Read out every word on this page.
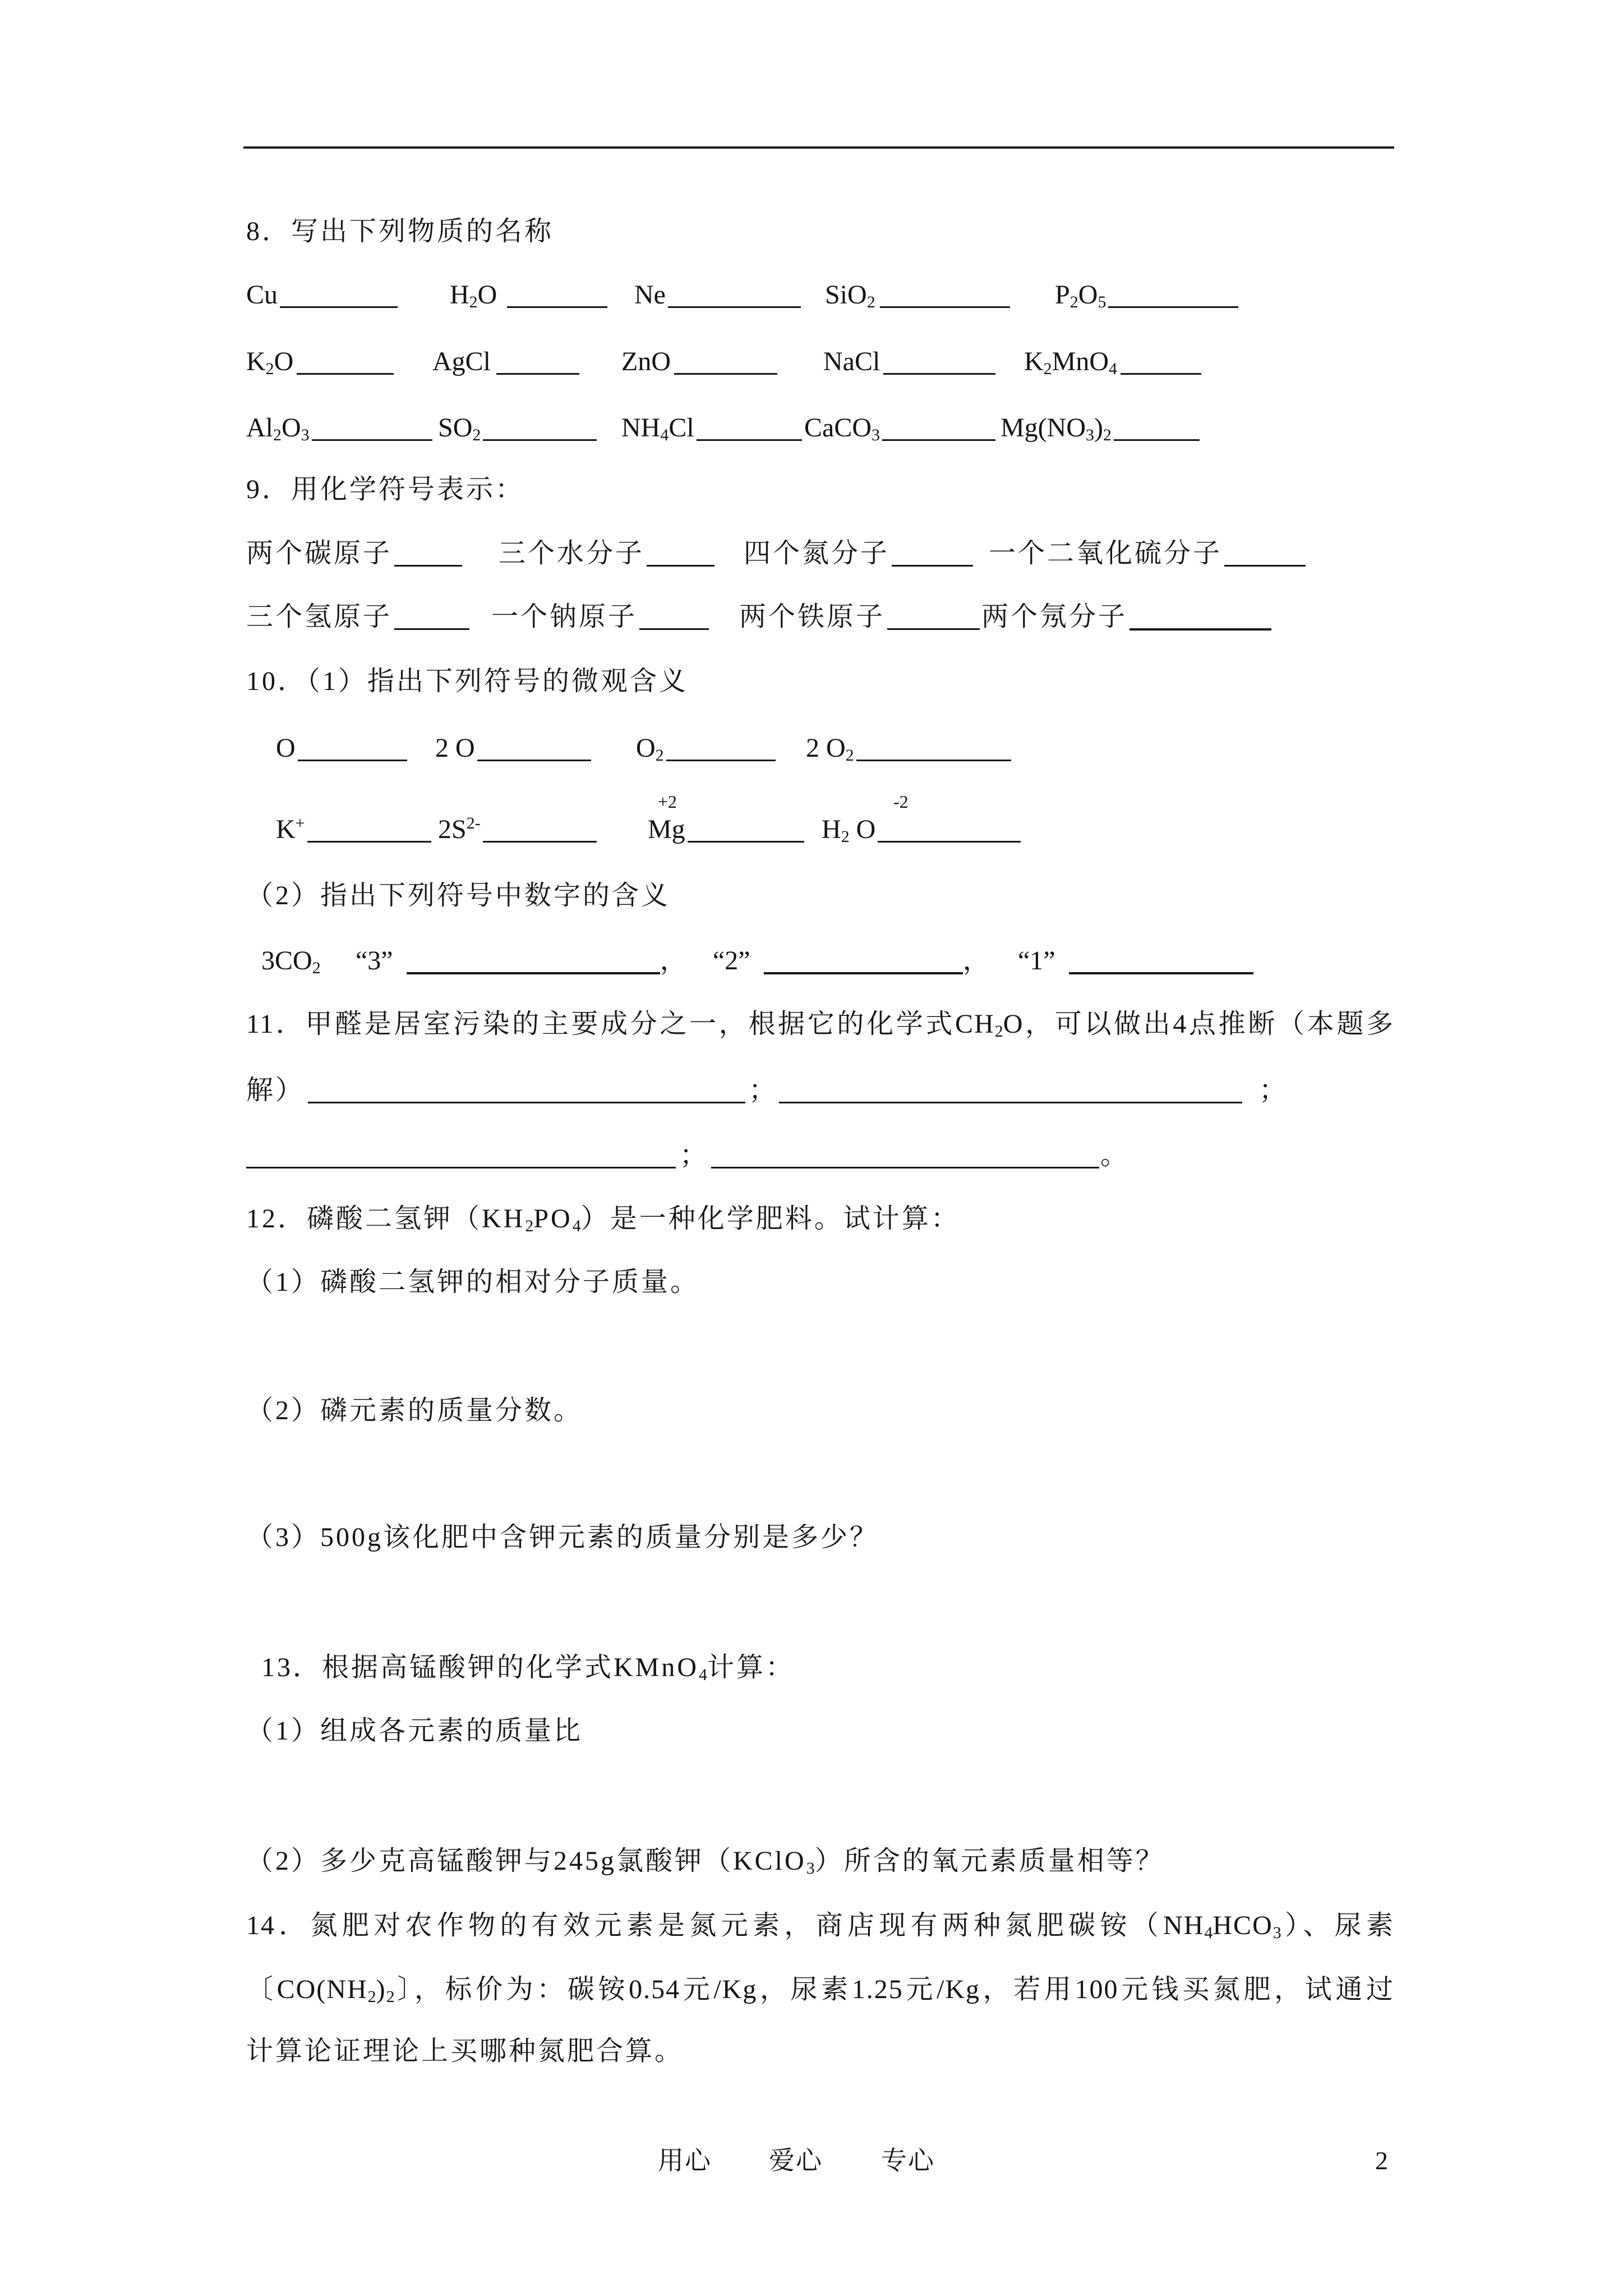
8．写出下列物质的名称
Cu	$H_2O$	Ne	SiO$_2$	$P_2O_5$
$K_2O$	AgCl	ZnO	NaCl	$K_2MnO_4$
$Al_2O_3$	$SO_2$	$NH_4Cl$	CaCO$_3$	$Mg(NO_3)_2$
9．用化学符号表示：
两个碳原子	三个水分子	四个氮分子	一个二氧化硫分子
三个氢原子	一个钠原子	两个铁原子	两个氖分子
10．（1）指出下列符号的微观含义
O	2 O	$O_2$	2 $O_2$
K+	$2S^{2-}$	Mg
+2
$H_2$ O
-2
（2）指出下列符号中数字的含义
$3CO_2$ “3”	， “2”	， “1”
11．甲醛是居室污染的主要成分之一，根据它的化学式$CH_2O$，可以做出4点推断（本题多
解）	；	；
；	。
12．磷酸二氢钾$(KH_2PO_4)$是一种化学肥料。试计算：
（1）磷酸二氢钾的相对分子质量。
（2）磷元素的质量分数。
（3）500g该化肥中含钾元素的质量分别是多少？
13．根据高锰酸钾的化学式KMnO$_4$计算：
（1）组成各元素的质量比
（2）多少克高锰酸钾与245g氯酸钾（KClO$_3$）所含的氧元素质量相等？
14．氮肥对农作物的有效元素是氮元素，商店现有两种氮肥碳铵$(NH_4HCO_3)$、尿素
〔$CO(NH_2)_2$〕，标价为：碳铵0.54元/Kg，尿素1.25元/Kg，若用100元钱买氮肥，试通过
计算论证理论上买哪种氮肥合算。
用心 爱心 专心	2
